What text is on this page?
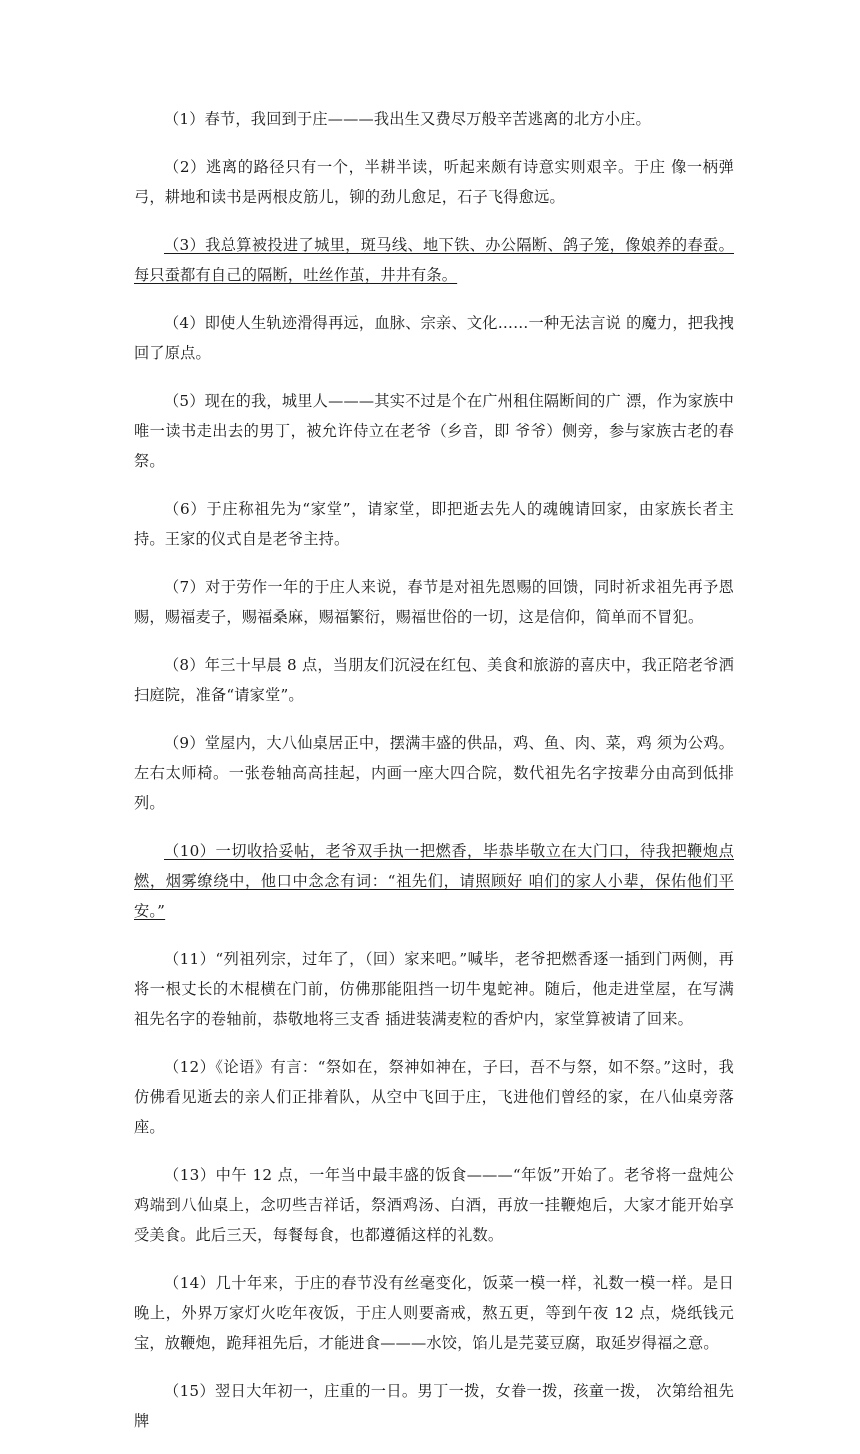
（1）春节，我回到于庄———我出生又费尽万般辛苦逃离的北方小庄。

（2）逃离的路径只有一个，半耕半读，听起来颇有诗意实则艰辛。于庄 像一柄弹弓，耕地和读书是两根皮筋儿，铆的劲儿愈足，石子飞得愈远。

（3）我总算被投进了城里，斑马线、地下铁、办公隔断、鸽子笼，像娘养的春蚕。每只蚕都有自己的隔断，吐丝作茧，井井有条。

（4）即使人生轨迹滑得再远，血脉、宗亲、文化……一种无法言说 的魔力，把我拽回了原点。

（5）现在的我，城里人———其实不过是个在广州租住隔断间的广 漂，作为家族中唯一读书走出去的男丁，被允许侍立在老爷（乡音，即 爷爷）侧旁，参与家族古老的春祭。

（6）于庄称祖先为“家堂”，请家堂，即把逝去先人的魂魄请回家，由家族长者主持。王家的仪式自是老爷主持。

（7）对于劳作一年的于庄人来说，春节是对祖先恩赐的回馈，同时祈求祖先再予恩赐，赐福麦子，赐福桑麻，赐福繁衍，赐福世俗的一切，这是信仰，简单而不冒犯。

（8）年三十早晨 8 点，当朋友们沉浸在红包、美食和旅游的喜庆中，我正陪老爷洒扫庭院，准备“请家堂”。

（9）堂屋内，大八仙桌居正中，摆满丰盛的供品，鸡、鱼、肉、菜，鸡 须为公鸡。左右太师椅。一张卷轴高高挂起，内画一座大四合院，数代祖先名字按辈分由高到低排列。

（10）一切收拾妥帖，老爷双手执一把燃香，毕恭毕敬立在大门口，待我把鞭炮点燃，烟雾缭绕中，他口中念念有词：“祖先们，请照顾好 咱们的家人小辈，保佑他们平安。”

（11）“列祖列宗，过年了，（回）家来吧。”喊毕，老爷把燃香逐一插到门两侧，再将一根丈长的木棍横在门前，仿佛那能阻挡一切牛鬼蛇神。随后，他走进堂屋，在写满祖先名字的卷轴前，恭敬地将三支香 插进装满麦粒的香炉内，家堂算被请了回来。

（12）《论语》有言：“祭如在，祭神如神在，子曰，吾不与祭，如不祭。”这时，我仿佛看见逝去的亲人们正排着队，从空中飞回于庄，飞进他们曾经的家，在八仙桌旁落座。

（13）中午 12 点，一年当中最丰盛的饭食———“年饭”开始了。老爷将一盘炖公鸡端到八仙桌上，念叨些吉祥话，祭酒鸡汤、白酒，再放一挂鞭炮后，大家才能开始享受美食。此后三天，每餐每食，也都遵循这样的礼数。

（14）几十年来，于庄的春节没有丝毫变化，饭菜一模一样，礼数一模一样。是日晚上，外界万家灯火吃年夜饭，于庄人则要斋戒，熬五更，等到午夜 12 点，烧纸钱元宝，放鞭炮，跪拜祖先后，才能进食———水饺，馅儿是芫荽豆腐，取延岁得福之意。

（15）翌日大年初一，庄重的一日。男丁一拨，女眷一拨，孩童一拨， 次第给祖先牌
